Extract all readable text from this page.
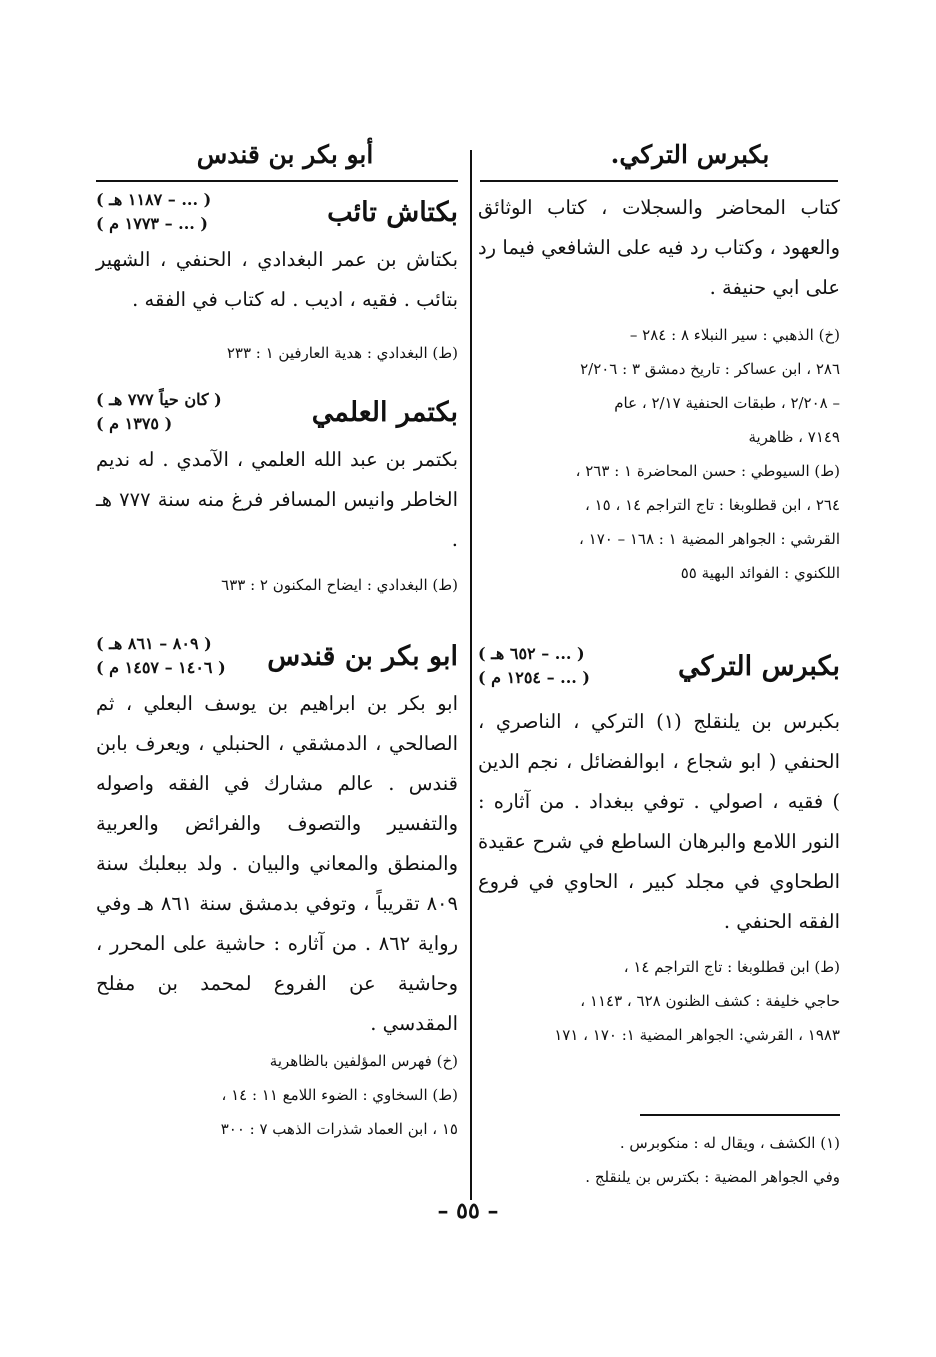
بكبرس التركي.
أبو بكر بن قندس

كتاب المحاضر والسجلات ، كتاب الوثائق والعهود ، وكتاب رد فيه على الشافعي فيما رد على ابي حنيفة .

(خ) الذهبي : سير النبلاء ٨ : ٢٨٤ –

٢٨٦ ، ابن عساكر : تاريخ دمشق ٣ : ٢/٢٠٦

– ٢/٢٠٨ ، طبقات الحنفية ٢/١٧ ، عام

٧١٤٩ ، ظاهرية

(ط) السيوطي : حسن المحاضرة ١ : ٢٦٣ ،

٢٦٤ ، ابن قطلوبغا : تاج التراجم ١٤ ، ١٥ ،

القرشي : الجواهر المضية ١ : ١٦٨ – ١٧٠ ،

اللكنوي : الفوائد البهية ٥٥

بكبرس التركي
( ... – ٦٥٢ هـ )
( ... – ١٢٥٤ م )

بكبرس بن يلنقلج (١) التركي ، الناصري ، الحنفي ( ابو شجاع ، ابوالفضائل ، نجم الدين ) فقيه ، اصولي . توفي ببغداد . من آثاره : النور اللامع والبرهان الساطع في شرح عقيدة الطحاوي في مجلد كبير ، الحاوي في فروع الفقه الحنفي .

(ط) ابن قطلوبغا : تاج التراجم ١٤ ،

حاجي خليفة : كشف الظنون ٦٢٨ ، ١١٤٣ ،

١٩٨٣ ، القرشي: الجواهر المضية ١: ١٧٠ ، ١٧١

(١) الكشف ، ويقال له : منكوبرس .

وفي الجواهر المضية : بكترس بن يلنقلج .

بكتاش تائب
( ... – ١١٨٧ هـ )
( ... – ١٧٧٣ م )

بكتاش بن عمر البغدادي ، الحنفي ، الشهير بتائب . فقيه ، اديب . له كتاب في الفقه .

(ط) البغدادي : هدية العارفين ١ : ٢٣٣

بكتمر العلمي
( كان حياً ٧٧٧ هـ )
( ١٣٧٥ م )

بكتمر بن عبد الله العلمي ، الآمدي . له نديم الخاطر وانيس المسافر فرغ منه سنة ٧٧٧ هـ .

(ط) البغدادي : ايضاح المكنون ٢ : ٦٣٣

ابو بكر بن قندس
( ٨٠٩ – ٨٦١ هـ )
( ١٤٠٦ – ١٤٥٧ م )

ابو بكر بن ابراهيم بن يوسف البعلي ، ثم الصالحي ، الدمشقي ، الحنبلي ، ويعرف بابن قندس . عالم مشارك في الفقه واصوله والتفسير والتصوف والفرائض والعربية والمنطق والمعاني والبيان . ولد ببعلبك سنة ٨٠٩ تقريباً ، وتوفي بدمشق سنة ٨٦١ هـ وفي رواية ٨٦٢ . من آثاره : حاشية على المحرر ، وحاشية عن الفروع لمحمد بن مفلح المقدسي .

(خ) فهرس المؤلفين بالظاهرية

(ط) السخاوي : الضوء اللامع ١١ : ١٤ ،

١٥ ، ابن العماد شذرات الذهب ٧ : ٣٠٠

– ٥٥ –
